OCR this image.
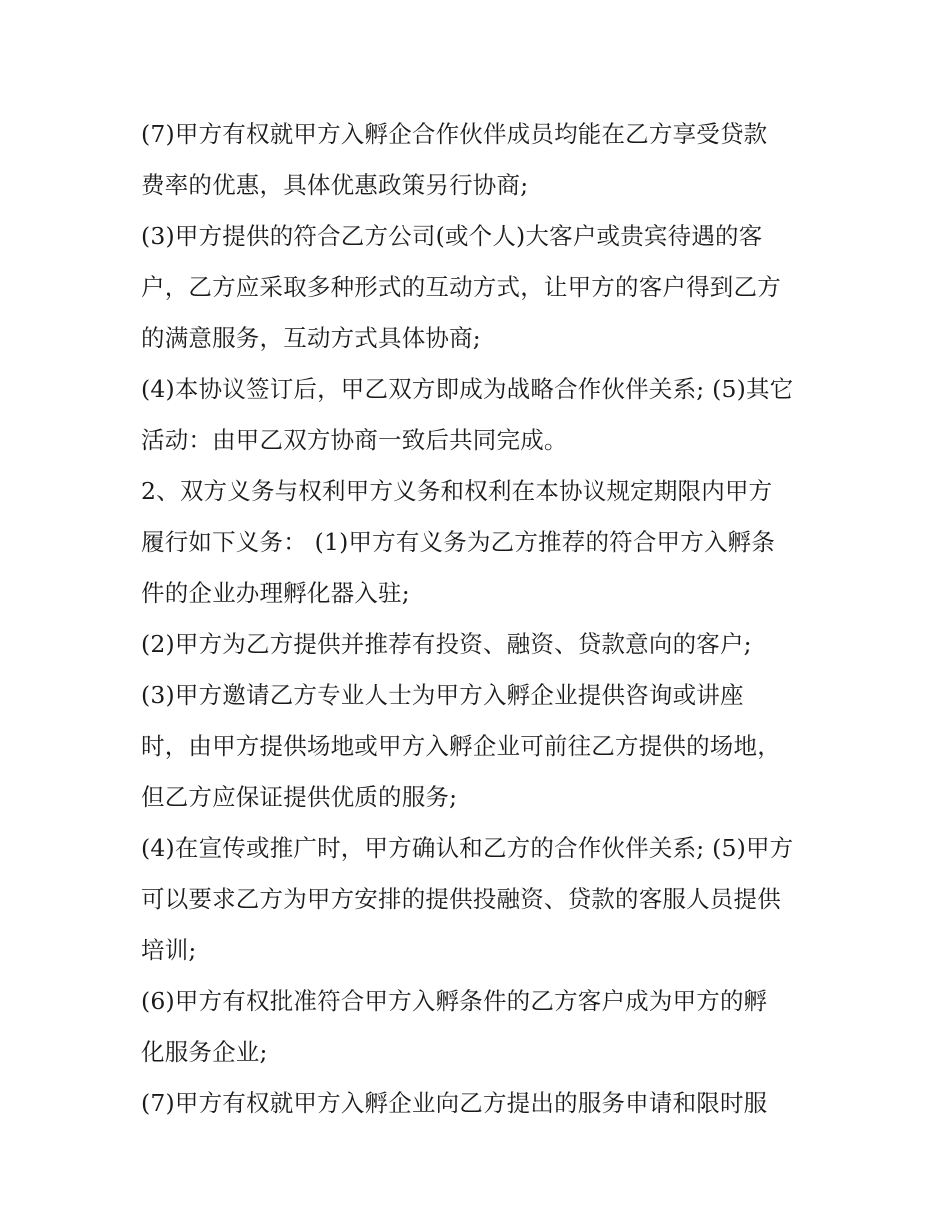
(7)甲方有权就甲方入孵企合作伙伴成员均能在乙方享受贷款
费率的优惠，具体优惠政策另行协商;
(3)甲方提供的符合乙方公司(或个人)大客户或贵宾待遇的客
户，乙方应采取多种形式的互动方式，让甲方的客户得到乙方
的满意服务，互动方式具体协商;
(4)本协议签订后，甲乙双方即成为战略合作伙伴关系; (5)其它
活动：由甲乙双方协商一致后共同完成。
2、双方义务与权利甲方义务和权利在本协议规定期限内甲方
履行如下义务： (1)甲方有义务为乙方推荐的符合甲方入孵条
件的企业办理孵化器入驻;
(2)甲方为乙方提供并推荐有投资、融资、贷款意向的客户;
(3)甲方邀请乙方专业人士为甲方入孵企业提供咨询或讲座
时，由甲方提供场地或甲方入孵企业可前往乙方提供的场地，
但乙方应保证提供优质的服务;
(4)在宣传或推广时，甲方确认和乙方的合作伙伴关系; (5)甲方
可以要求乙方为甲方安排的提供投融资、贷款的客服人员提供
培训;
(6)甲方有权批准符合甲方入孵条件的乙方客户成为甲方的孵
化服务企业;
(7)甲方有权就甲方入孵企业向乙方提出的服务申请和限时服
